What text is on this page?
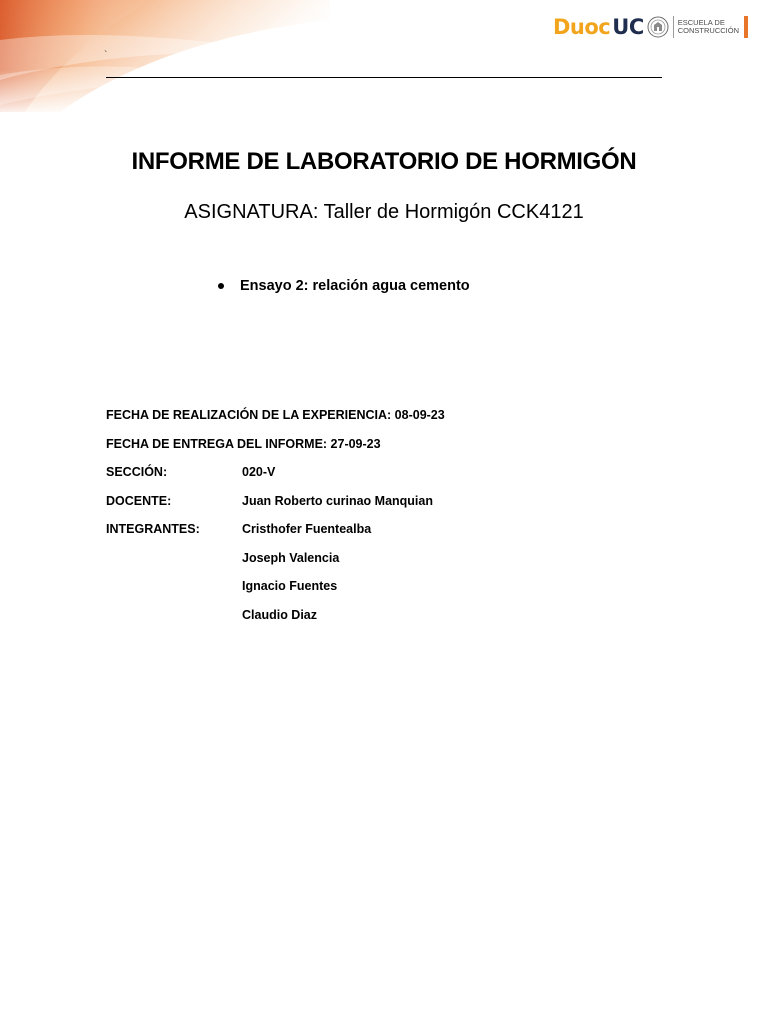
`
Duoc UC	ESCUELA DE
CONSTRUCCIÓN
INFORME DE LABORATORIO DE HORMIGÓN
ASIGNATURA: Taller de Hormigón CCK4121
Ensayo 2: relación agua cemento
FECHA DE REALIZACIÓN DE LA EXPERIENCIA: 08-09-23
FECHA DE ENTREGA DEL INFORME: 27-09-23
SECCIÓN:	020-V
DOCENTE:	Juan Roberto curinao Manquian
INTEGRANTES:	Cristhofer Fuentealba
Joseph Valencia
Ignacio Fuentes
Claudio Diaz
